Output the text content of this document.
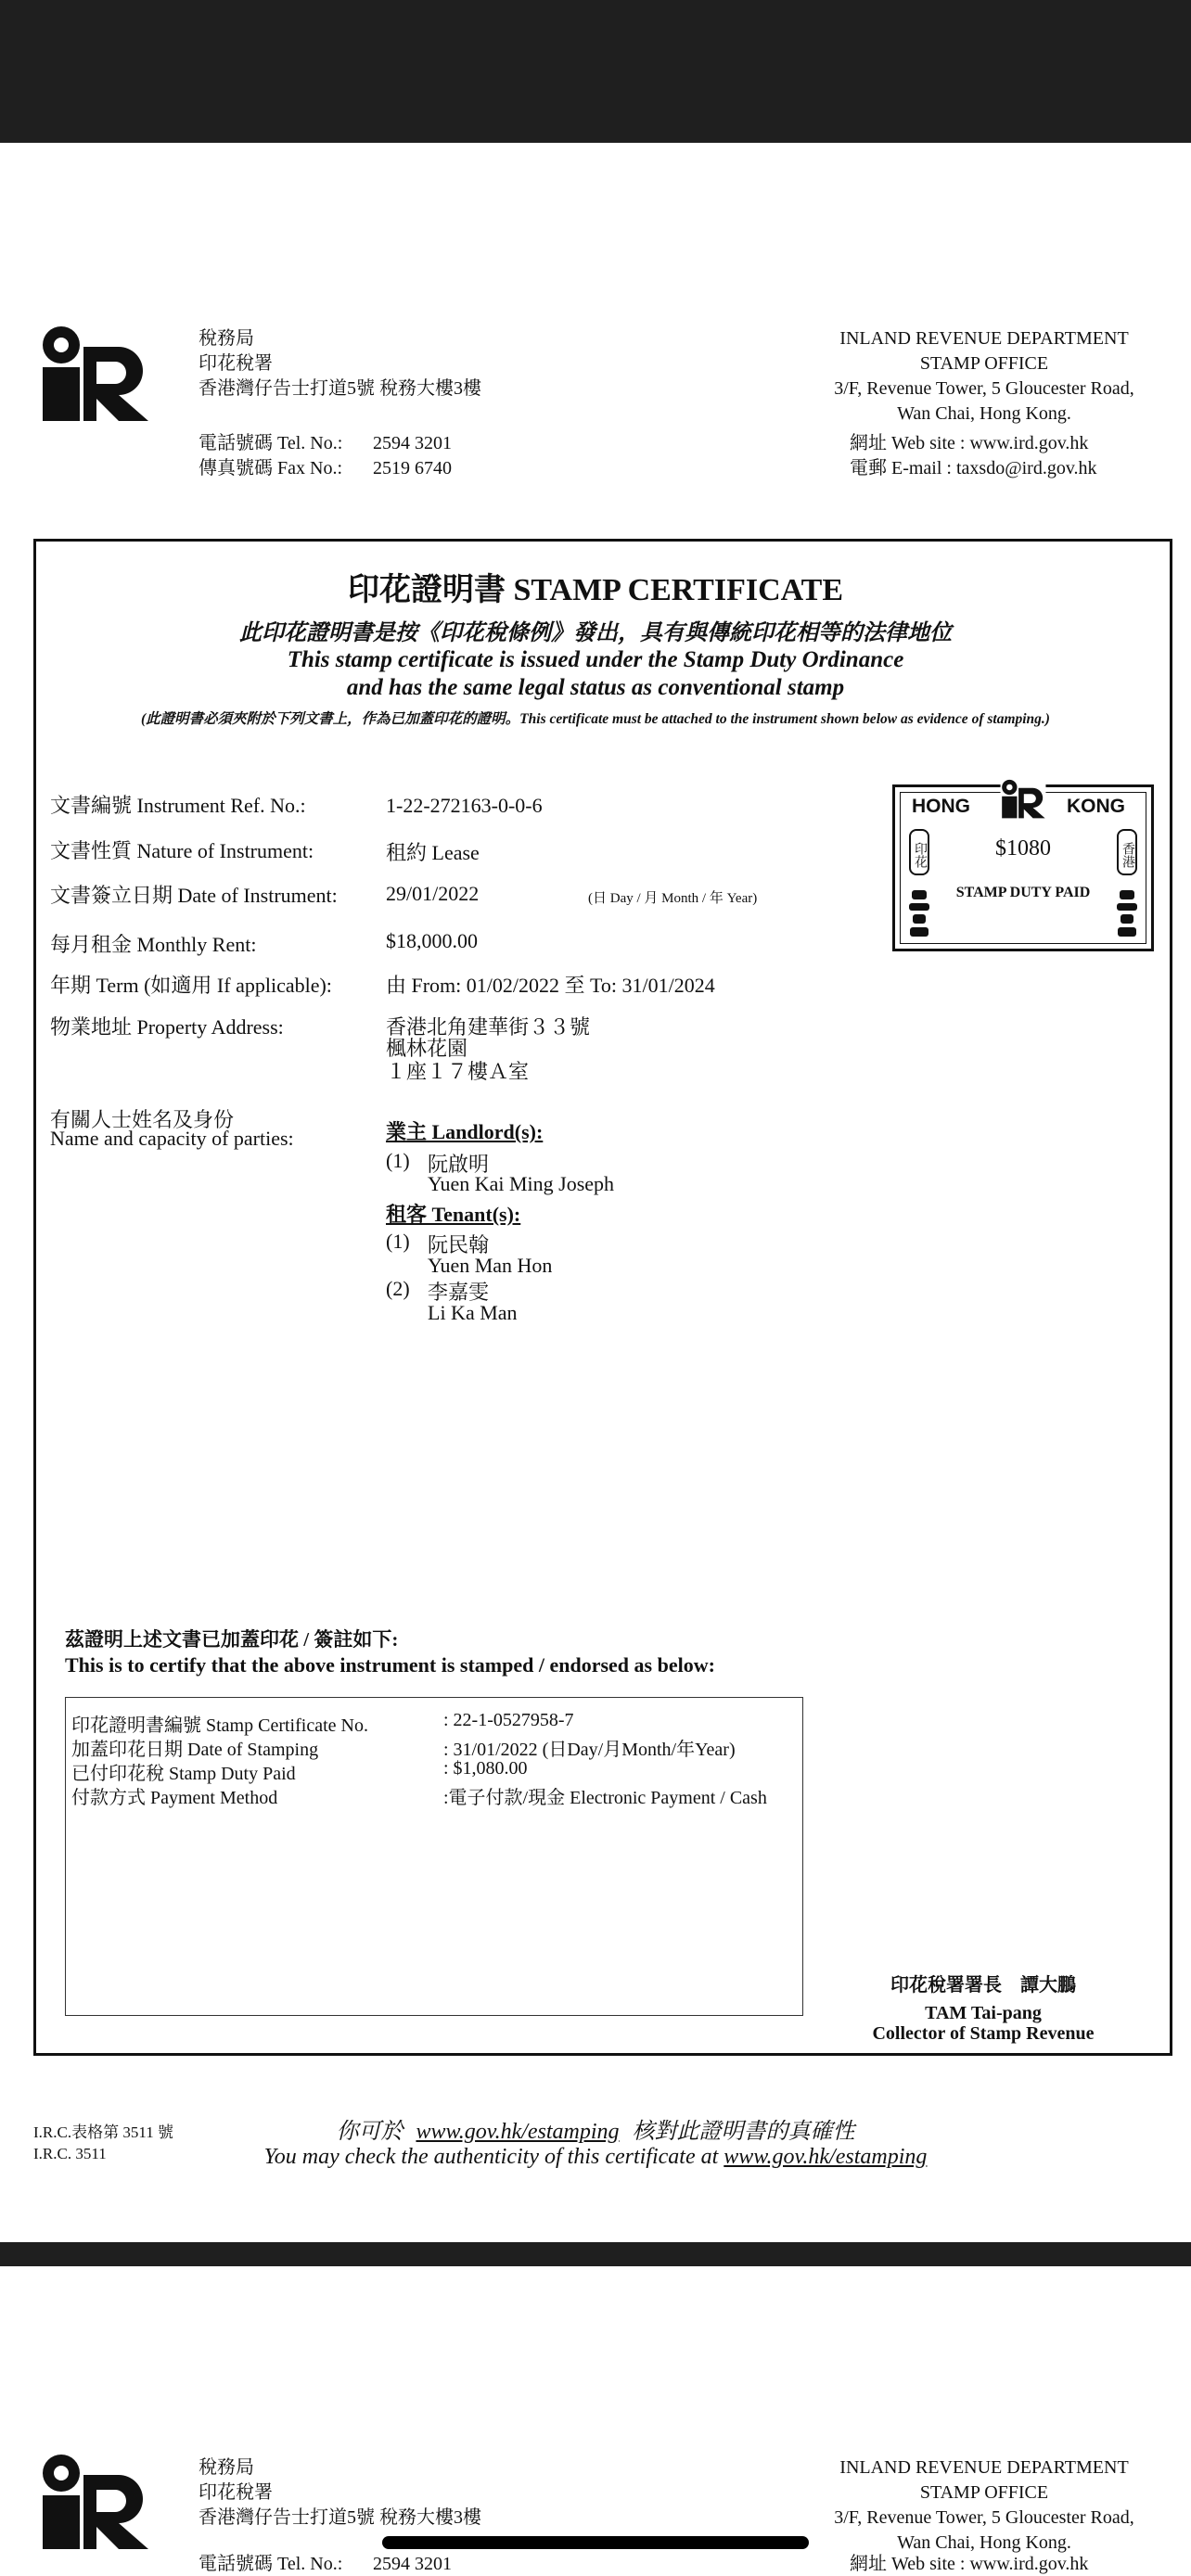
稅務局
印花稅署
香港灣仔告士打道5號 稅務大樓3樓
電話號碼 Tel. No.: 2594 3201
傳真號碼 Fax No.: 2519 6740
INLAND REVENUE DEPARTMENT
STAMP OFFICE
3/F, Revenue Tower, 5 Gloucester Road,
Wan Chai, Hong Kong.
網址 Web site : www.ird.gov.hk
電郵 E-mail : taxsdo@ird.gov.hk
印花證明書 STAMP CERTIFICATE
此印花證明書是按《印花稅條例》發出，具有與傳統印花相等的法律地位
This stamp certificate is issued under the Stamp Duty Ordinance
and has the same legal status as conventional stamp
(此證明書必須夾附於下列文書上，作為已加蓋印花的證明。This certificate must be attached to the instrument shown below as evidence of stamping.)
文書編號 Instrument Ref. No.:	1-22-272163-0-0-6
文書性質 Nature of Instrument:	租約 Lease
文書簽立日期 Date of Instrument: 29/01/2022	(日 Day / 月 Month / 年 Year)
每月租金 Monthly Rent:	$18,000.00
年期 Term (如適用 If applicable):	由 From: 01/02/2022 至 To: 31/01/2024
物業地址 Property Address:	香港北角建華街３３號
楓林花園
１座１７樓Ａ室
有關人士姓名及身份
Name and capacity of parties:	業主 Landlord(s):
(1) 阮啟明
Yuen Kai Ming Joseph
租客 Tenant(s):
(1) 阮民翰
Yuen Man Hon
(2) 李嘉雯
Li Ka Man
HONG	KONG
$1080
STAMP DUTY PAID
印花	香港
茲證明上述文書已加蓋印花 / 簽註如下:
This is to certify that the above instrument is stamped / endorsed as below:
印花證明書編號 Stamp Certificate No.	: 22-1-0527958-7
加蓋印花日期 Date of Stamping	: 31/01/2022 (日Day/月Month/年Year)
已付印花稅 Stamp Duty Paid	: $1,080.00
付款方式 Payment Method	:電子付款/現金 Electronic Payment / Cash
印花稅署署長    譚大鵬
TAM Tai-pang
Collector of Stamp Revenue
I.R.C.表格第 3511 號
I.R.C. 3511
你可於 www.gov.hk/estamping 核對此證明書的真確性
You may check the authenticity of this certificate at www.gov.hk/estamping
稅務局
印花稅署
香港灣仔告士打道5號 稅務大樓3樓
電話號碼 Tel. No.: 2594 3201
INLAND REVENUE DEPARTMENT
STAMP OFFICE
3/F, Revenue Tower, 5 Gloucester Road,
Wan Chai, Hong Kong.
網址 Web site : www.ird.gov.hk
